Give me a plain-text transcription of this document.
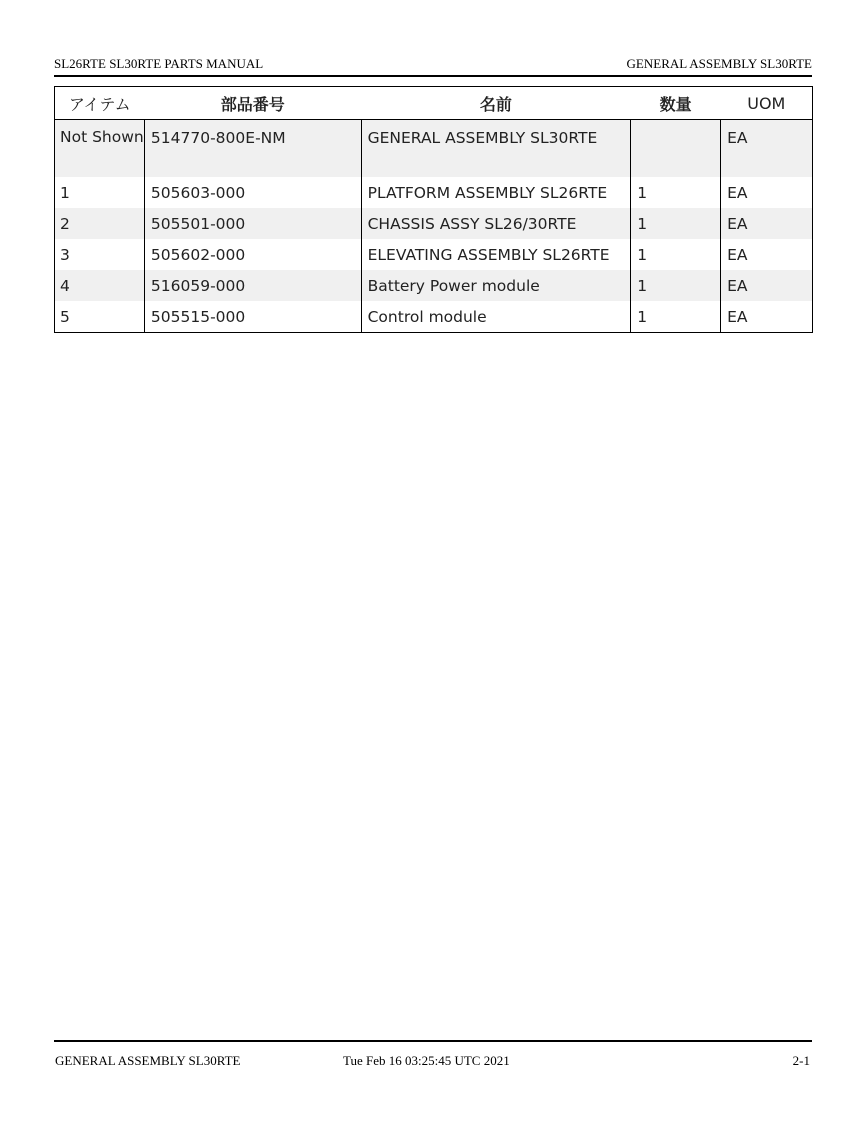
SL26RTE SL30RTE PARTS MANUAL	GENERAL ASSEMBLY SL30RTE
アイテム	部品番号	名前	数量	UOM
Not Shown	514770-800E-NM	GENERAL ASSEMBLY SL30RTE		EA
1	505603-000	PLATFORM ASSEMBLY SL26RTE	1	EA
2	505501-000	CHASSIS ASSY SL26/30RTE	1	EA
3	505602-000	ELEVATING ASSEMBLY SL26RTE	1	EA
4	516059-000	Battery Power module	1	EA
5	505515-000	Control module	1	EA
GENERAL ASSEMBLY SL30RTE	Tue Feb 16 03:25:45 UTC 2021	2-1
